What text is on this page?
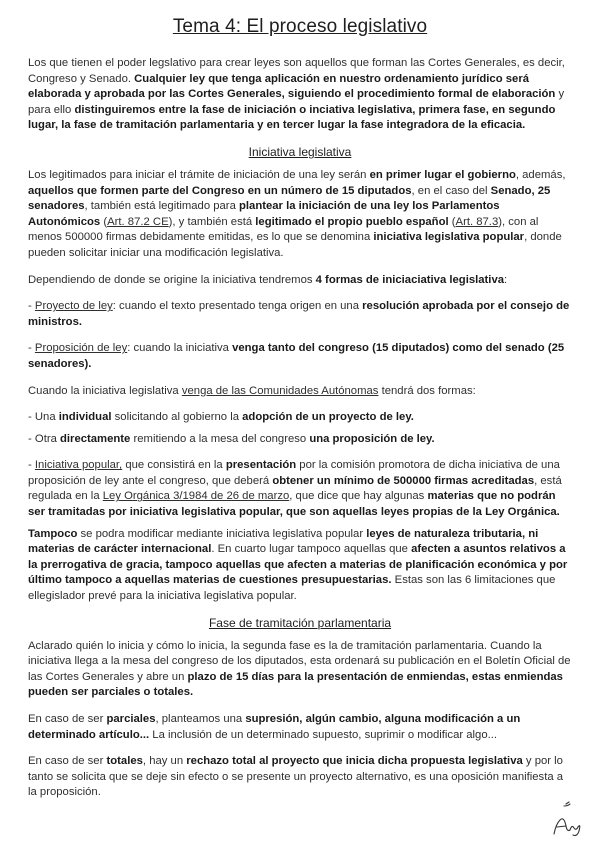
Tema 4: El proceso legislativo

Los que tienen el poder legslativo para crear leyes son aquellos que forman las Cortes Generales, es decir, Congreso y Senado. Cualquier ley que tenga aplicación en nuestro ordenamiento jurídico será elaborada y aprobada por las Cortes Generales, siguiendo el procedimiento formal de elaboración y para ello distinguiremos entre la fase de iniciación o inciativa legislativa, primera fase, en segundo lugar, la fase de tramitación parlamentaria y en tercer lugar la fase integradora de la eficacia.

Iniciativa legislativa

Los legitimados para iniciar el trámite de iniciación de una ley serán en primer lugar el gobierno, además, aquellos que formen parte del Congreso en un número de 15 diputados, en el caso del Senado, 25 senadores, también está legitimado para plantear la iniciación de una ley los Parlamentos Autonómicos (Art. 87.2 CE), y también está legitimado el propio pueblo español (Art. 87.3), con al menos 500000 firmas debidamente emitidas, es lo que se denomina iniciativa legislativa popular, donde pueden solicitar iniciar una modificación legislativa.

Dependiendo de donde se origine la iniciativa tendremos 4 formas de iniciaciativa legislativa:

- Proyecto de ley: cuando el texto presentado tenga origen en una resolución aprobada por el consejo de ministros.

- Proposición de ley: cuando la iniciativa venga tanto del congreso (15 diputados) como del senado (25 senadores).

Cuando la iniciativa legislativa venga de las Comunidades Autónomas tendrá dos formas:

- Una individual solicitando al gobierno la adopción de un proyecto de ley.

- Otra directamente remitiendo a la mesa del congreso una proposición de ley.

- Iniciativa popular, que consistirá en la presentación por la comisión promotora de dicha iniciativa de una proposición de ley ante el congreso, que deberá obtener un mínimo de 500000 firmas acreditadas, está regulada en la Ley Orgánica 3/1984 de 26 de marzo, que dice que hay algunas materias que no podrán ser tramitadas por iniciativa legislativa popular, que son aquellas leyes propias de la Ley Orgánica.

Tampoco se podra modificar mediante iniciativa legislativa popular leyes de naturaleza tributaria, ni materias de carácter internacional. En cuarto lugar tampoco aquellas que afecten a asuntos relativos a la prerrogativa de gracia, tampoco aquellas que afecten a materias de planificación económica y por último tampoco a aquellas materias de cuestiones presupuestarias. Estas son las 6 limitaciones que ellegislador prevé para la iniciativa legislativa popular.

Fase de tramitación parlamentaria

Aclarado quién lo inicia y cómo lo inicia, la segunda fase es la de tramitación parlamentaria. Cuando la iniciativa llega a la mesa del congreso de los diputados, esta ordenará su publicación en el Boletín Oficial de las Cortes Generales y abre un plazo de 15 días para la presentación de enmiendas, estas enmiendas pueden ser parciales o totales.

En caso de ser parciales, planteamos una supresión, algún cambio, alguna modificación a un determinado artículo... La inclusión de un determinado supuesto, suprimir o modificar algo...

En caso de ser totales, hay un rechazo total al proyecto que inicia dicha propuesta legislativa y por lo tanto se solicita que se deje sin efecto o se presente un proyecto alternativo, es una oposición manifiesta a la proposición.
